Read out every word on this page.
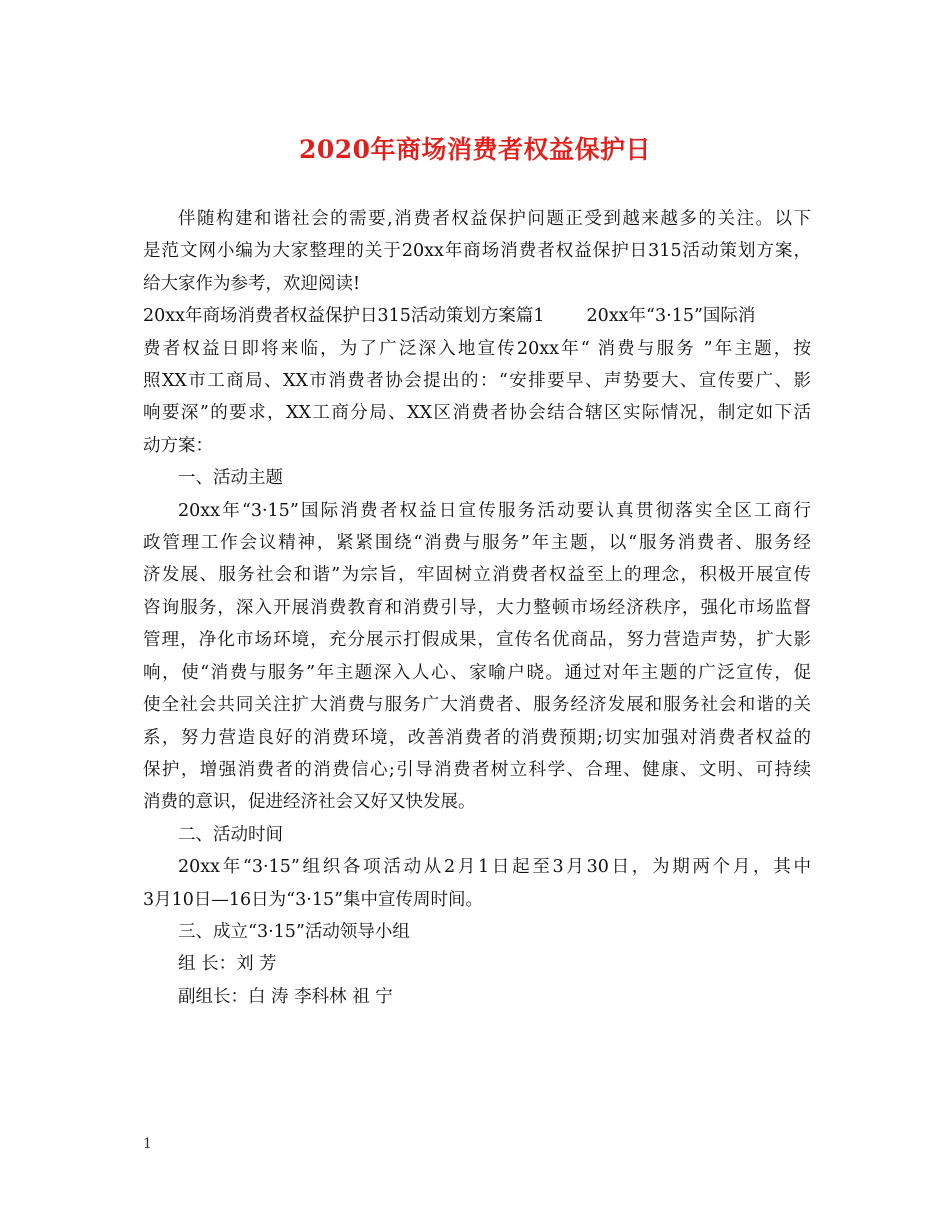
2020年商场消费者权益保护日

伴随构建和谐社会的需要,消费者权益保护问题正受到越来越多的关注。以下
是范文网小编为大家整理的关于20xx年商场消费者权益保护日315活动策划方案，
给大家作为参考，欢迎阅读!

20xx年商场消费者权益保护日315活动策划方案篇1 20xx年“3·15”国际消
费者权益日即将来临，为了广泛深入地宣传20xx年“ 消费与服务 ”年主题，按
照XX市工商局、XX市消费者协会提出的：“安排要早、声势要大、宣传要广、影
响要深”的要求，XX工商分局、XX区消费者协会结合辖区实际情况，制定如下活
动方案：

一、活动主题

20xx年“3·15”国际消费者权益日宣传服务活动要认真贯彻落实全区工商行
政管理工作会议精神，紧紧围绕“消费与服务”年主题，以“服务消费者、服务经
济发展、服务社会和谐”为宗旨，牢固树立消费者权益至上的理念，积极开展宣传
咨询服务，深入开展消费教育和消费引导，大力整顿市场经济秩序，强化市场监督
管理，净化市场环境，充分展示打假成果，宣传名优商品，努力营造声势，扩大影
响，使“消费与服务”年主题深入人心、家喻户晓。通过对年主题的广泛宣传，促
使全社会共同关注扩大消费与服务广大消费者、服务经济发展和服务社会和谐的关
系，努力营造良好的消费环境，改善消费者的消费预期;切实加强对消费者权益的
保护，增强消费者的消费信心;引导消费者树立科学、合理、健康、文明、可持续
消费的意识，促进经济社会又好又快发展。

二、活动时间

20xx年“3·15”组织各项活动从2月1日起至3月30日，为期两个月，其中
3月10日—16日为“3·15”集中宣传周时间。

三、成立“3·15”活动领导小组

组 长：刘 芳

副组长：白 涛 李科林 祖 宁

1
